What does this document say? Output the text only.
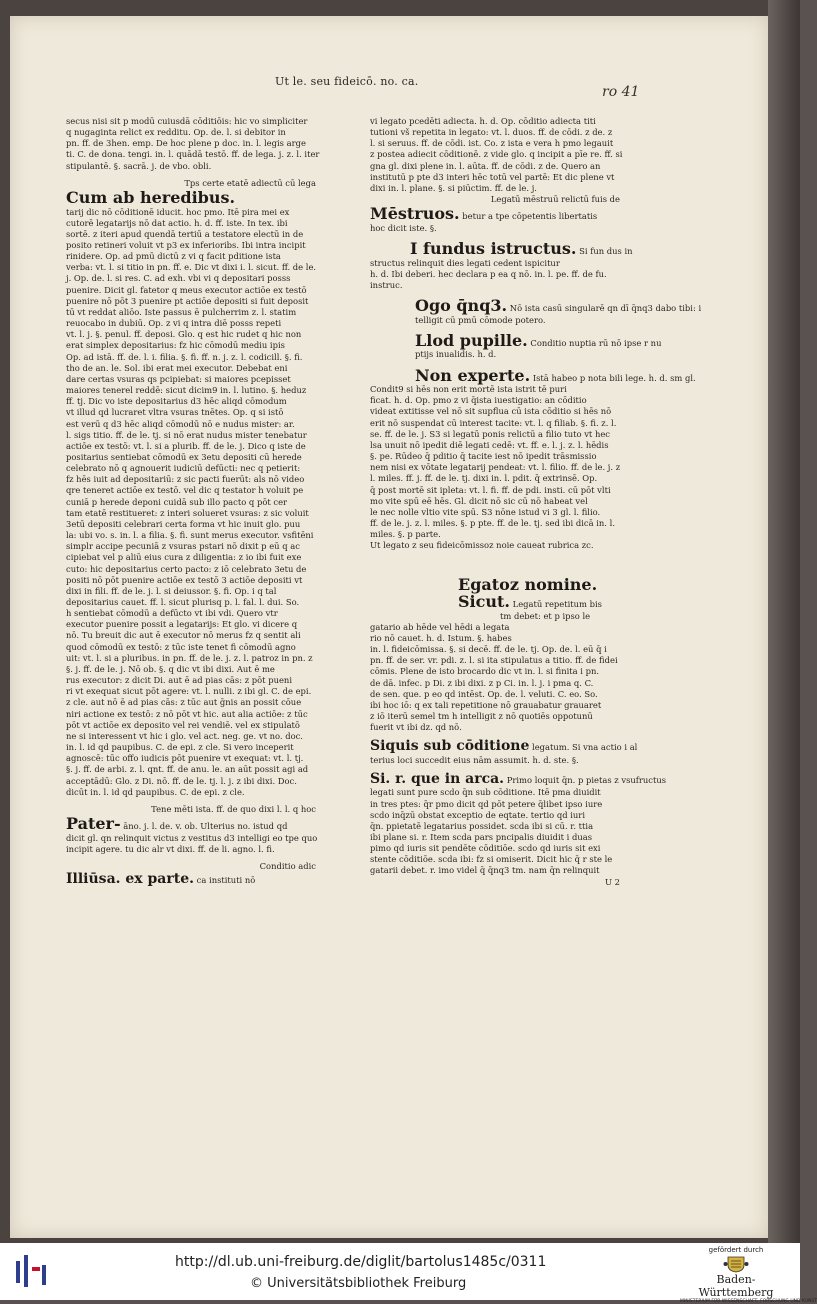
Ut le. seu fideicō. no. ca.
ro 41

secus nisi sit p modū cuiusdā cōditiōis: hic vo simpliciter

q nugaginta relict ex redditu. Op. de. l. si debitor in

pn. ff. de 3hen. emp. De hoc plene p doc. in. l. legis arge

ti. C. de dona. tengi. in. l. quādā testō. ff. de lega. j. z. l. iter

stipulantē. §. sacrā. j. de vbo. obli.

Tps certe etatē adiectū cū lega

Cum ab heredibus.

tarij dic nō cōditionē iducit. hoc pmo. Itē pira mei ex

cutorē legatarijs nō dat actio. h. d. ff. iste. In tex. ibi

sortē. z iteri apud quendā tertiū a testatore electū in de

posito retineri voluit vt p3 ex inferioribs. Ibi intra incipit

rinidere. Op. ad pmū dictū z vi q facit pditione ista

verba: vt. l. si titio in pn. ff. e. Dic vt dixi i. l. sicut. ff. de le.

j. Op. de. l. si res. C. ad exh. vbi vi q depositari posss

puenire. Dicit gl. fatetor q meus executor actiōe ex testō

puenire nō pōt 3 puenire pt actiōe depositi si fuit deposit

tū vt reddat aliōo. Iste passus ē pulcherrim z. l. statim

reuocabo in dubiū. Op. z vi q intra diē posss repeti

vt. l. j. §. penul. ff. deposi. Glo. q est hic rudet q hic non

erat simplex depositarius: fz hic cōmodū mediu ipis

Op. ad istā. ff. de. l. i. filia. §. fi. ff. n. j. z. l. codicill. §. fi.

tho de an. le. Sol. ibi erat mei executor. Debebat eni

dare certas vsuras qs pcipiebat: si maiores pcepisset

maiores tenerel reddē: sicut dicim9 in. l. lutino. §. heduz

ff. tj. Dic vo iste depositarius d3 hēc aliqd cōmodum

vt illud qd lucraret vltra vsuras tnētes. Op. q si istō

est verū q d3 hēc aliqd cōmodū nō e nudus mister: ar.

l. sigs titio. ff. de le. tj. si nō erat nudus mister tenebatur

actiōe ex testō: vt. l. si a plurib. ff. de le. j. Dico q iste de

positarius sentiebat cōmodū ex 3etu depositi cū herede

celebrato nō q agnouerit iudiciū defūcti: nec q petierit:

fz hēs iuit ad depositariū: z sic pacti fuerūt: als nō video

qre teneret actiōe ex testō. vel dic q testator h voluit pe

cuniā p herede deponi cuidā sub illo pacto q pōt cer

tam etatē restitueret: z interi solueret vsuras: z sic voluit

3etū depositi celebrari certa forma vt hic inuit glo. puu

la: ubi vo. s. in. l. a filia. §. fi. sunt merus executor. vsfitēni

simplr accipe pecuniā z vsuras pstari nō dixit p eū q ac

cipiebat vel p aliū eius cura z diligentia: z io ibi fuit exe

cuto: hic depositarius certo pacto: z iō celebrato 3etu de

positi nō pōt puenire actiōe ex testō 3 actiōe depositi vt

dixi in fili. ff. de le. j. l. si deiussor. §. fi. Op. i q tal

depositarius cauet. ff. l. sicut plurisq p. l. fal. l. dui. So.

h sentiebat cōmodū a defūcto vt ibi vdi. Quero vtr

executor puenire possit a legatarijs: Et glo. vi dicere q

nō. Tu breuit dic aut ē executor nō merus fz q sentit ali

quod cōmodū ex testō: z tūc iste tenet fi cōmodū agno

uit: vt. l. si a pluribus. in pn. ff. de le. j. z. l. patroz in pn. z

§. j. ff. de le. j. Nō ob. §. q dic vt ibi dixi. Aut ē me

rus executor: z dicit Di. aut ē ad pias cās: z pōt pueni

ri vt exequat sicut pōt agere: vt. l. nulli. z ibi gl. C. de epi.

z cle. aut nō ē ad pias cās: z tūc aut ḡnis an possit cōue

niri actione ex testō: z nō pōt vt hic. aut alia actiōe: z tūc

pōt vt actiōe ex deposito vel rei vendiē. vel ex stipulatō

ne si interessent vt hic i glo. vel act. neg. ge. vt no. doc.

in. l. id qd paupibus. C. de epi. z cle. Si vero inceperit

agnoscē: tūc offo iudicis pōt puenire vt exequat: vt. l. tj.

§. j. ff. de arbi. z. l. qnt. ff. de anu. le. an aūt possit agi ad

acceptādū: Glo. z Di. nō. ff. de le. tj. l. j. z ibi dixi. Doc.

dicūt in. l. id qd paupibus. C. de epi. z cle.

Tene mēti ista. ff. de quo dixi l. l. q hoc

Pater- āno. j. l. de. v. ob. Ulterius no. istud qd

dicit gl. qn relinquit victus z vestitus d3 intelligi eo tpe quo

incipit agere. tu dic alr vt dixi. ff. de li. agno. l. fi.

Conditio adic

Illiūsa. ex parte. ca instituti nō

vi legato pcedēti adiecta. h. d. Op. cōditio adiecta titi

tutioni vš repetita in legato: vt. l. duos. ff. de cōdi. z de. z

l. si seruus. ff. de cōdi. ist. Co. z ista e vera h pmo legauit

z postea adiecit cōditionē. z vide glo. q incipit a pīe re. ff. si

gna gl. dixi plene in. l. aūta. ff. de cōdi. z de. Quero an

institutū p pte d3 interi hēc totū vel partē: Et dic plene vt

dixi in. l. plane. §. si piūctim. ff. de le. j.

Legatū mēstruū relictū fuis de

Mēstruos. betur a tpe cōpetentis libertatis

hoc dicit iste. §.

I fundus istructus. Si fun dus in

structus relinquit dies legati cedent ispicitur

h. d. Ibi deberi. hec declara p ea q nō. in. l. pe. ff. de fu.

instruc.

Ogo q̄nq3. Nō ista casū singularē qn dī q̄nq3 dabo tibi: i

telligit cū pmū cōmode potero.

Llod pupille. Conditio nuptia rū nō ipse r nu

ptijs inualidis. h. d.

Non experte. Istā habeo p nota bili lege. h. d. sm gl.

Condit9 si hēs non erit mortē ista istrit tē puri

ficat. h. d. Op. pmo z vi q̄ista iuestigatio: an cōditio

videat extitisse vel nō sit supflua cū ista cōditio si hēs nō

erit nō suspendat cū interest tacite: vt. l. q filiab. §. fi. z. l.

se. ff. de le. j. S3 si legatū ponis relictū a filio tuto vt hec

lsa unuit nō ipedit diē legati cedē: vt. ff. e. l. j. z. l. hēdis

§. pe. Rūdeo q̄ pditio q̄ tacite iest nō ipedit trāsmissio

nem nisi ex vōtate legatarij pendeat: vt. l. filio. ff. de le. j. z

l. miles. ff. j. ff. de le. tj. dixi in. l. pdit. q̄ extrinsē. Op.

q̄ post mortē sit ipleta: vt. l. fi. ff. de pdi. insti. cū pōt vlti

mo vite spū eē hēs. Gl. dicit nō sic cū nō habeat vel

le nec nolle vltio vite spū. S3 nōne istud vi 3 gl. l. filio.

ff. de le. j. z. l. miles. §. p pte. ff. de le. tj. sed ibi dicā in. l.

miles. §. p parte.

Ut legato z seu fideicōmissoz noie caueat rubrica zc.

Egatoz nomine.

Sicut. Legatū repetitum bis

tm debet: et p ipso le

gatario ab hēde vel hēdi a legata

rio nō cauet. h. d. Istum. §. habes

in. l. fideicōmissa. §. si decē. ff. de le. tj. Op. de. l. eū q̄ i

pn. ff. de ser. vr. pdi. z. l. si ita stipulatus a titio. ff. de fidei

cōmis. Plene de isto brocardo dic vt in. l. si finita i pn.

de dā. infec. p Di. z ibi dixi. z p Ci. in. l. j. i pma q. C.

de sen. que. p eo qd intēst. Op. de. l. veluti. C. eo. So.

ibi hoc iō: q ex tali repetitione nō grauabatur grauaret

z iō iterū semel tm h intelligit z nō quotiēs oppotunū

fuerit vt ibi dz. qd nō.

Siquis sub cōditione legatum. Si vna actio i al

terius loci succedit eius nām assumit. h. d. ste. §.

Si. r. que in arca. Primo loquit q̄n. p pietas z vsufructus

legati sunt pure scdo q̄n sub cōditione. Itē pma diuidit

in tres ptes: q̄r pmo dicit qd pōt petere q̄libet ipso iure

scdo inq̄zū obstat exceptio de eqtate. tertio qd iuri

q̄n. ppietatē legatarius possidet. scda ibi si cū. r. ttia

ibi plane si. r. Item scda pars pncipalis diuidit i duas

pimo qd iuris sit pendēte cōditiōe. scdo qd iuris sit exi

stente cōditiōe. scda ibi: fz si omiserit. Dicit hic q̄ r ste le

gatarii debet. r. imo videl q̄ q̄nq3 tm. nam q̄n relinquit

U 2

http://dl.ub.uni-freiburg.de/diglit/bartolus1485c/0311
© Universitätsbibliothek Freiburg
gefördert durch
Baden-Württemberg
MINISTERIUM FÜR WISSENSCHAFT, FORSCHUNG UND KUNST
